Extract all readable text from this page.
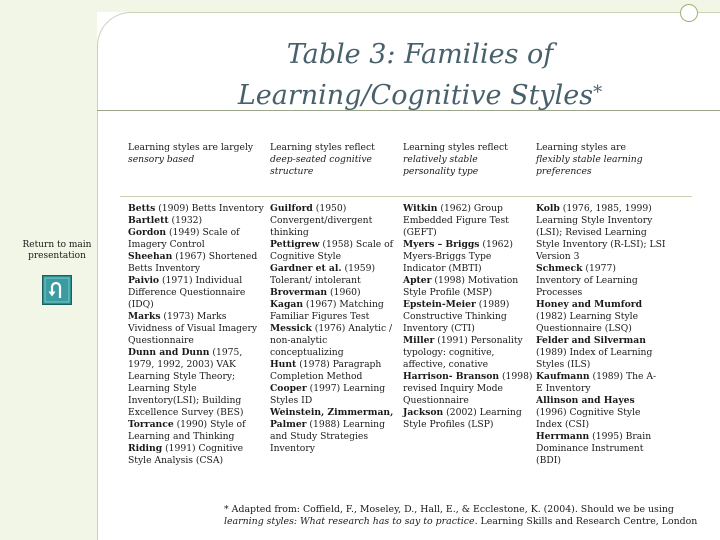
Table 3: Families of
Learning/Cognitive Styles*
Return to main
presentation
Learning styles are largely
sensory based
Learning styles reflect
deep-seated cognitive
structure
Learning styles reflect
relatively stable
personality type
Learning styles are
flexibly stable learning
preferences
Betts (1909) Betts Inventory
Bartlett (1932)
Gordon (1949) Scale of
Imagery Control
Sheehan (1967) Shortened
Betts Inventory
Paivio (1971) Individual
Difference Questionnaire
(IDQ)
Marks (1973) Marks
Vividness of Visual Imagery
Questionnaire
Dunn and Dunn (1975,
1979, 1992, 2003) VAK
Learning Style Theory;
Learning Style
Inventory(LSI); Building
Excellence Survey (BES)
Torrance (1990) Style of
Learning and Thinking
Riding (1991) Cognitive
Style Analysis (CSA)
Guilford (1950)
Convergent/divergent
thinking
Pettigrew (1958) Scale of
Cognitive Style
Gardner et al. (1959)
Tolerant/ intolerant
Broverman (1960)
Kagan (1967) Matching
Familiar Figures Test
Messick (1976) Analytic /
non-analytic
conceptualizing
Hunt (1978) Paragraph
Completion Method
Cooper (1997) Learning
Styles ID
Weinstein, Zimmerman,
Palmer (1988) Learning
and Study Strategies
Inventory
Witkin (1962) Group
Embedded Figure Test
(GEFT)
Myers – Briggs (1962)
Myers-Briggs Type
Indicator (MBTI)
Apter (1998) Motivation
Style Profile (MSP)
Epstein-Meier (1989)
Constructive Thinking
Inventory (CTI)
Miller (1991) Personality
typology: cognitive,
affective, conative
Harrison- Branson (1998)
revised Inquiry Mode
Questionnaire
Jackson (2002) Learning
Style Profiles (LSP)
Kolb (1976, 1985, 1999)
Learning Style Inventory
(LSI); Revised Learning
Style Inventory (R-LSI); LSI
Version 3
Schmeck (1977)
Inventory of Learning
Processes
Honey and Mumford
(1982) Learning Style
Questionnaire (LSQ)
Felder and Silverman
(1989) Index of Learning
Styles (ILS)
Kaufmann (1989) The A-
E Inventory
Allinson and Hayes
(1996) Cognitive Style
Index (CSI)
Herrmann (1995) Brain
Dominance Instrument
(BDI)
* Adapted from: Coffield, F., Moseley, D., Hall, E., & Ecclestone, K. (2004). Should we be using
learning styles: What research has to say to practice. Learning Skills and Research Centre, London
